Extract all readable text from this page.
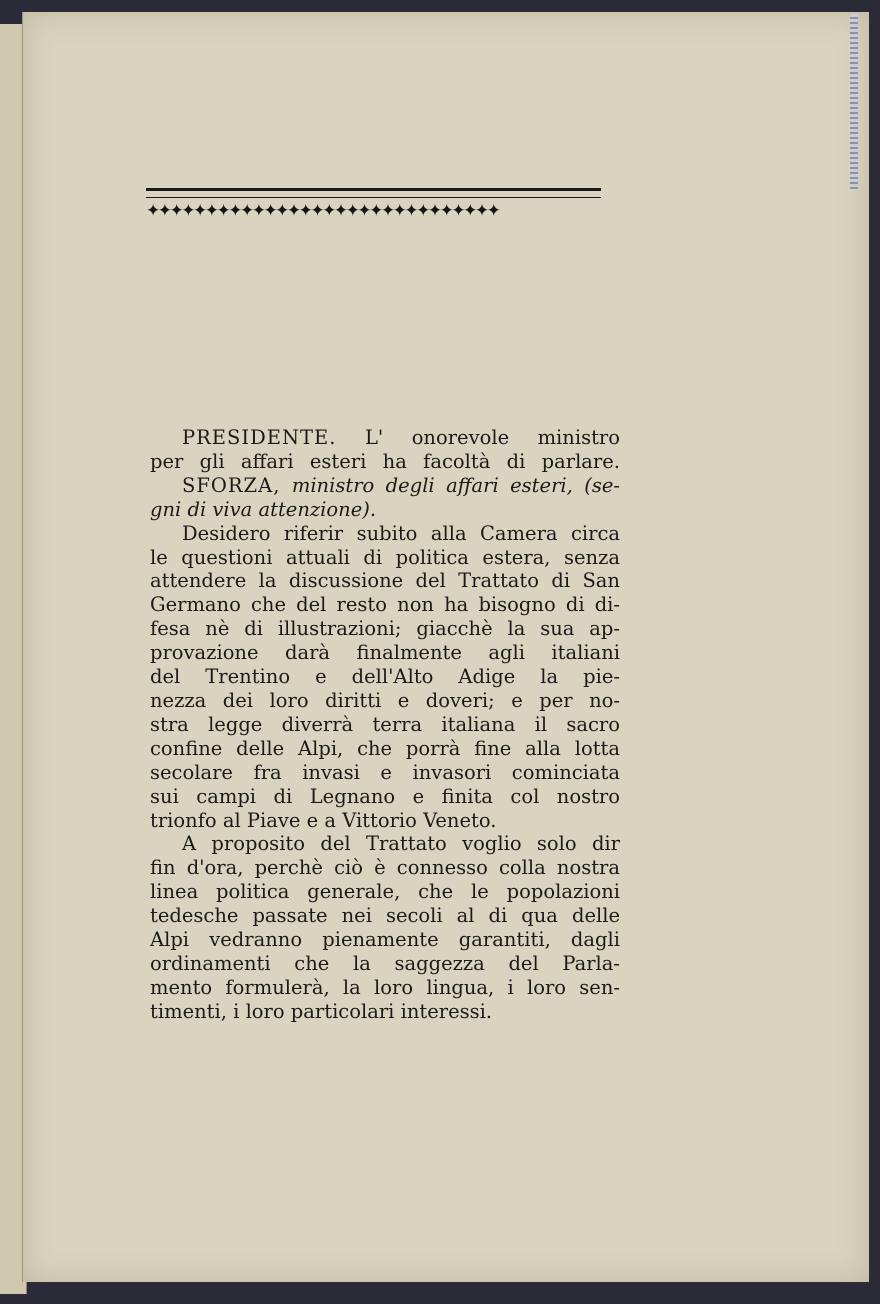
✦✦✦✦✦✦✦✦✦✦✦✦✦✦✦✦✦✦✦✦✦✦✦✦✦✦✦✦✦✦

PRESIDENTE. L' onorevole ministro
per gli affari esteri ha facoltà di parlare.

SFORZA, ministro degli affari esteri, (se-
gni di viva attenzione).

Desidero riferir subito alla Camera circa
le questioni attuali di politica estera, senza
attendere la discussione del Trattato di San
Germano che del resto non ha bisogno di di-
fesa nè di illustrazioni; giacchè la sua ap-
provazione darà finalmente agli italiani
del Trentino e dell'Alto Adige la pie-
nezza dei loro diritti e doveri; e per no-
stra legge diverrà terra italiana il sacro
confine delle Alpi, che porrà fine alla lotta
secolare fra invasi e invasori cominciata
sui campi di Legnano e finita col nostro
trionfo al Piave e a Vittorio Veneto.

A proposito del Trattato voglio solo dir
fin d'ora, perchè ciò è connesso colla nostra
linea politica generale, che le popolazioni
tedesche passate nei secoli al di qua delle
Alpi vedranno pienamente garantiti, dagli
ordinamenti che la saggezza del Parla-
mento formulerà, la loro lingua, i loro sen-
timenti, i loro particolari interessi.
